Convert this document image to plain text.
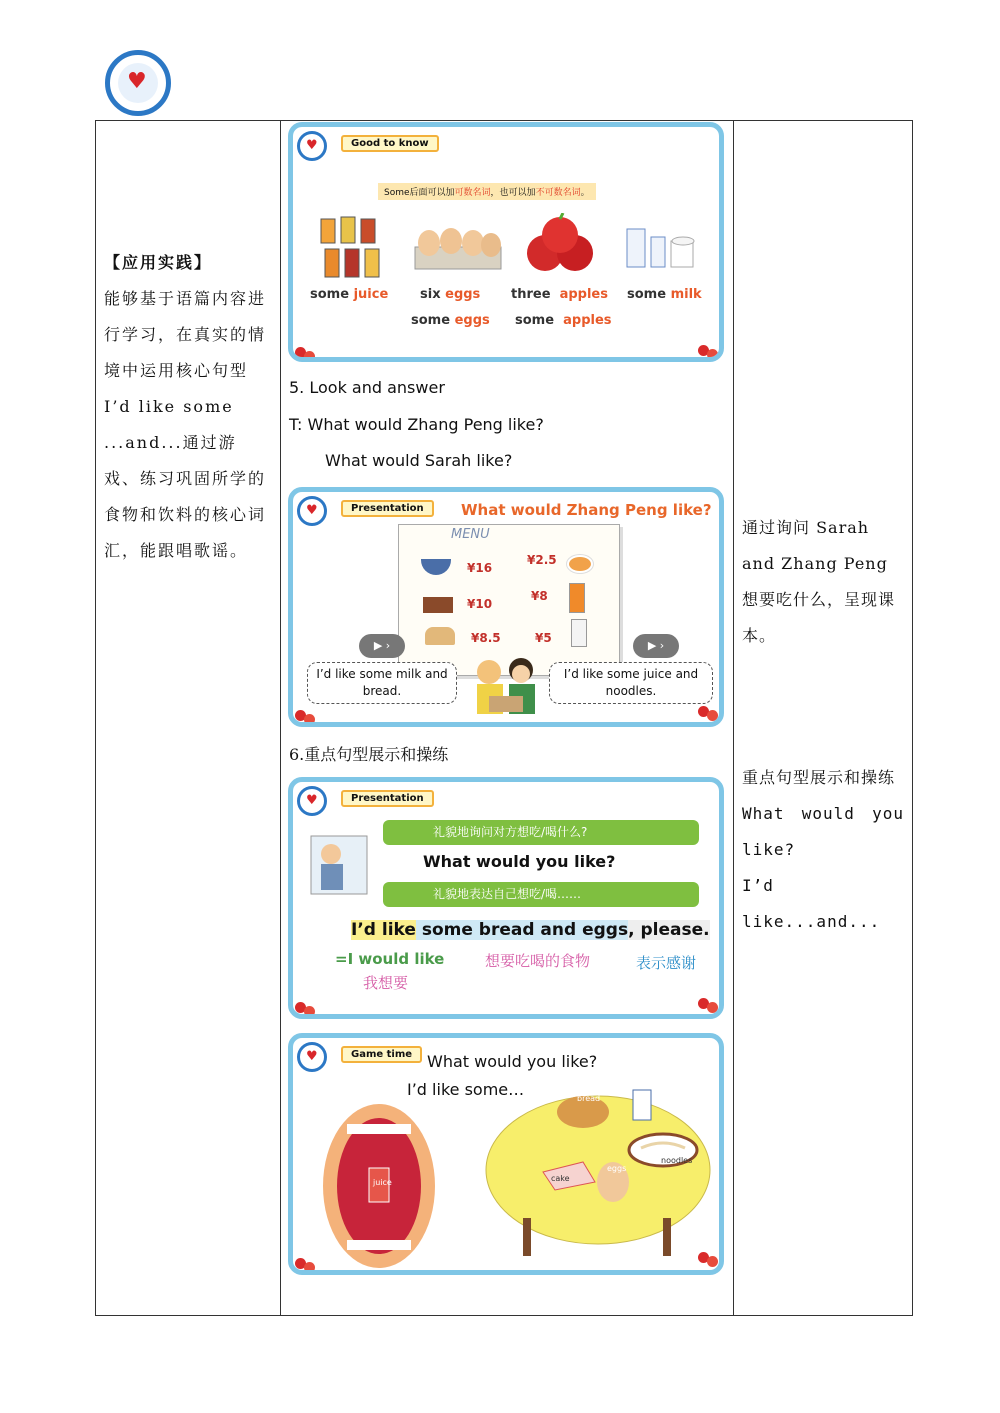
♥

【应用实践】
能够基于语篇内容进行学习，在真实的情境中运用核心句型I’d like some ...and...通过游戏、练习巩固所学的食物和饮料的核心词汇，能跟唱歌谣。
♥	Good to know
Some后面可以加可数名词，也可以加不可数名词。
some juice six eggs three apples some milk
some eggs some apples
5. Look and answer
T: What would Zhang Peng like?
What would Sarah like?
♥	Presentation	What would Zhang Peng like?
MENU
¥16
¥2.5
¥10
¥8
¥8.5	¥5
▶ ›	▶ ›
I’d like some milk and bread.
I’d like some juice and noodles.
6.重点句型展示和操练
♥	Presentation
礼貌地询问对方想吃/喝什么?
What would you like?
礼貌地表达自己想吃/喝……
I’d like some bread and eggs, please.
=I would like
我想要
想要吃喝的食物	表示感谢
♥	Game time What would you like?
I’d like some…
juice
bread
noodles
cake
eggs
通过询问 Sarah and Zhang Peng 想要吃什么，呈现课本。
重点句型展示和操练
What would you like?
I’d like...and...
